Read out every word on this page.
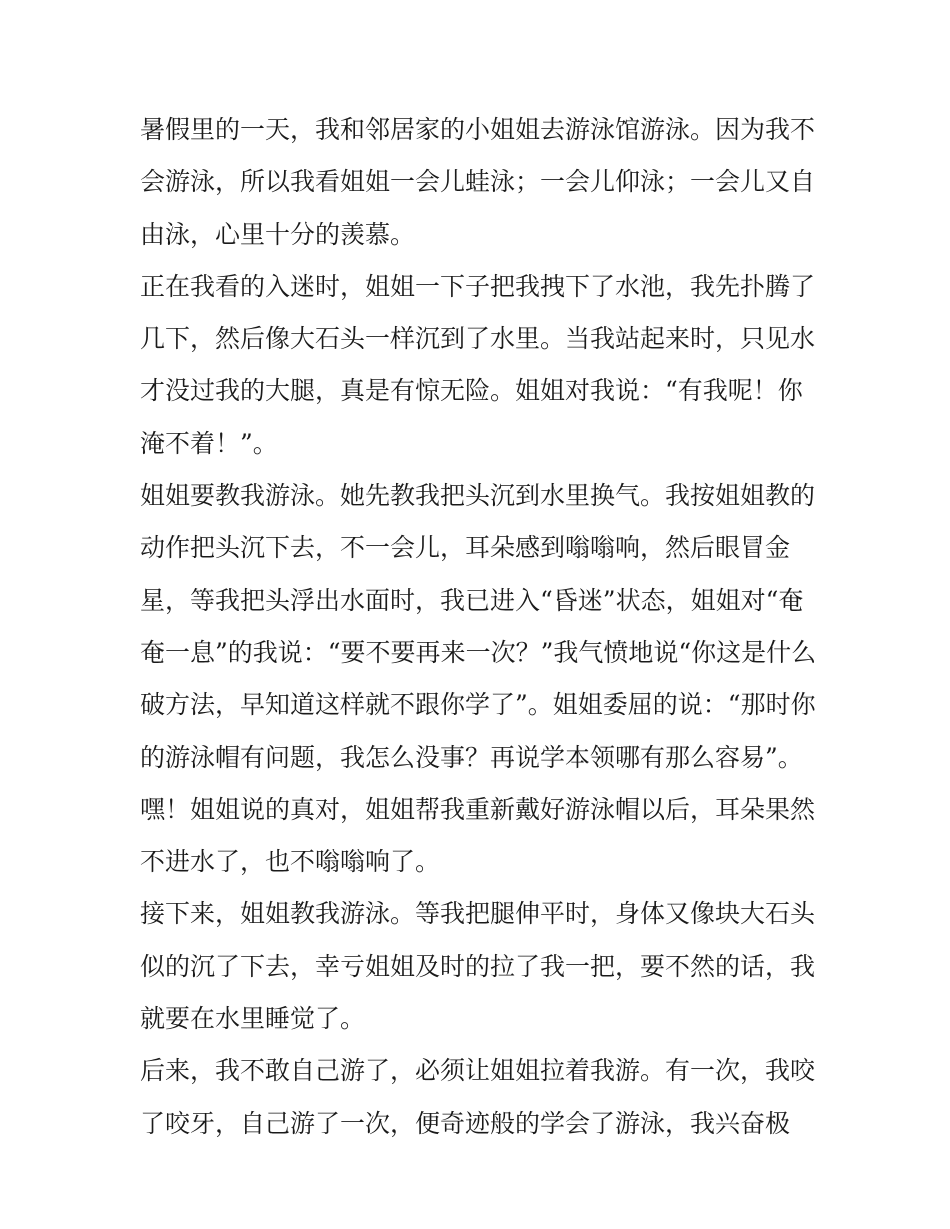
暑假里的一天，我和邻居家的小姐姐去游泳馆游泳。因为我不
会游泳，所以我看姐姐一会儿蛙泳；一会儿仰泳；一会儿又自
由泳，心里十分的羡慕。
正在我看的入迷时，姐姐一下子把我拽下了水池，我先扑腾了
几下，然后像大石头一样沉到了水里。当我站起来时，只见水
才没过我的大腿，真是有惊无险。姐姐对我说：“有我呢！你
淹不着！”。
姐姐要教我游泳。她先教我把头沉到水里换气。我按姐姐教的
动作把头沉下去，不一会儿，耳朵感到嗡嗡响，然后眼冒金
星，等我把头浮出水面时，我已进入“昏迷”状态，姐姐对“奄
奄一息”的我说：“要不要再来一次？”我气愤地说“你这是什么
破方法，早知道这样就不跟你学了”。姐姐委屈的说：“那时你
的游泳帽有问题，我怎么没事？再说学本领哪有那么容易”。
嘿！姐姐说的真对，姐姐帮我重新戴好游泳帽以后，耳朵果然
不进水了，也不嗡嗡响了。
接下来，姐姐教我游泳。等我把腿伸平时，身体又像块大石头
似的沉了下去，幸亏姐姐及时的拉了我一把，要不然的话，我
就要在水里睡觉了。
后来，我不敢自己游了，必须让姐姐拉着我游。有一次，我咬
了咬牙，自己游了一次，便奇迹般的学会了游泳，我兴奋极
